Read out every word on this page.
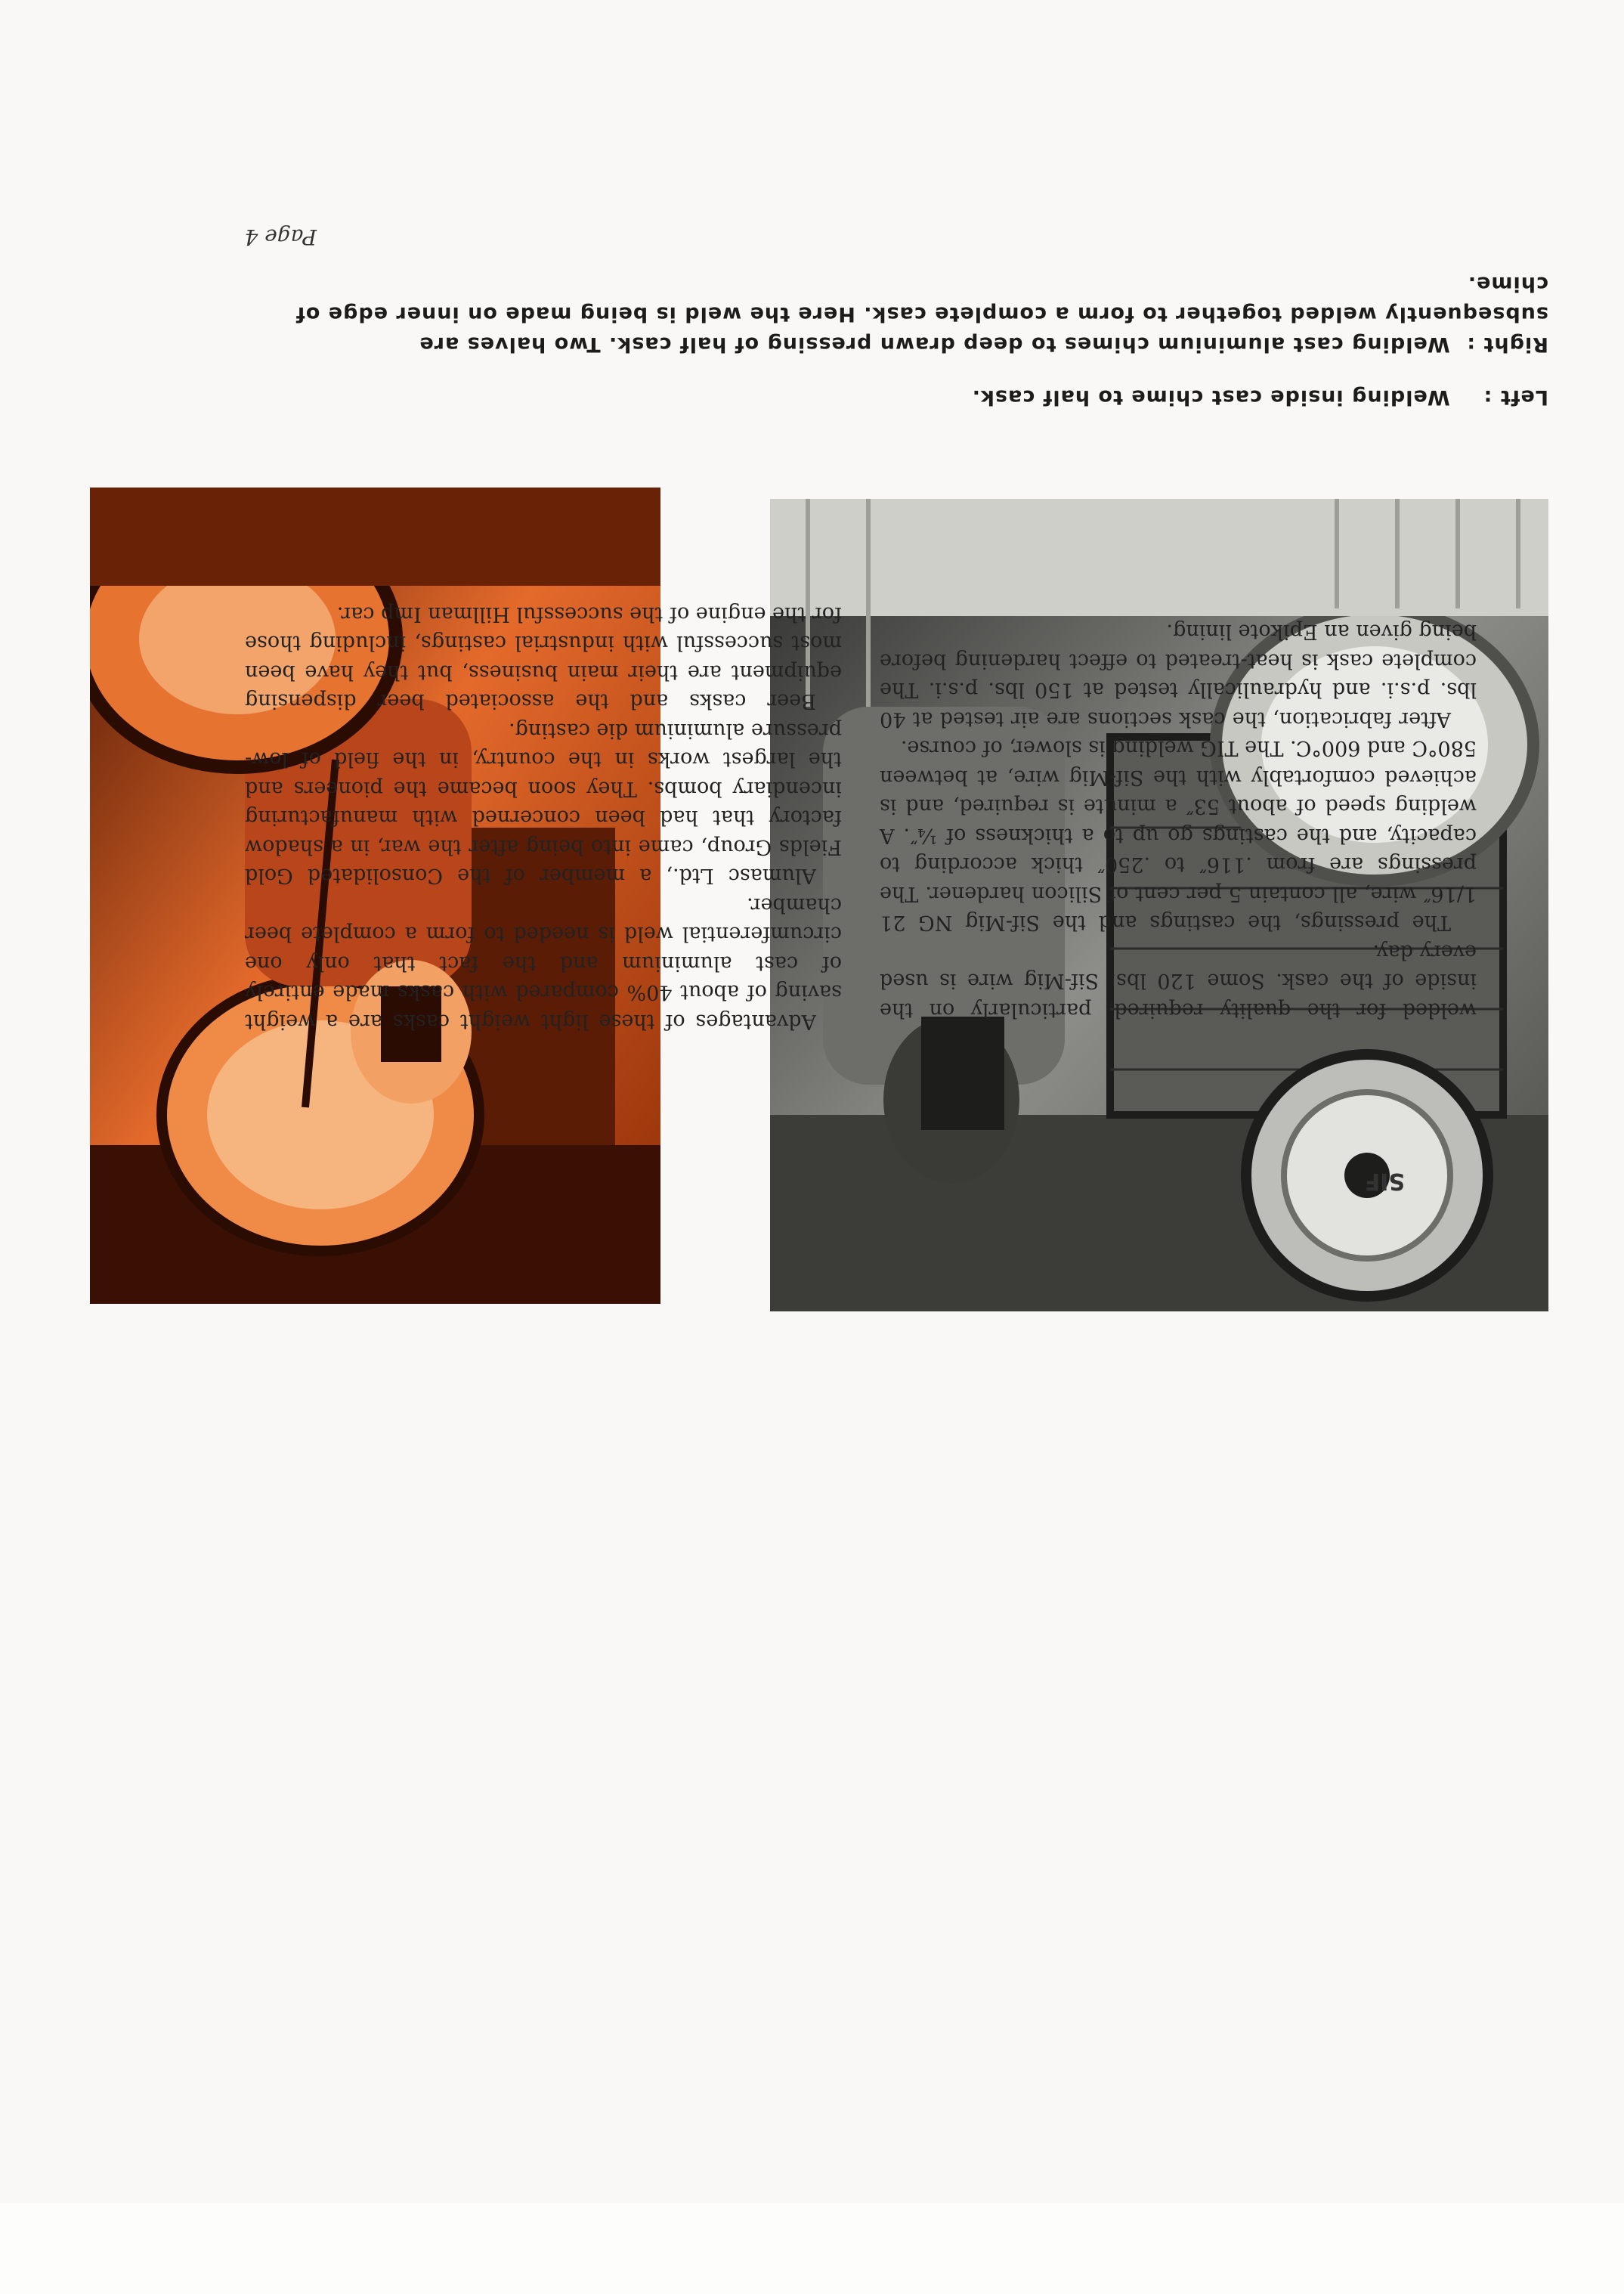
SIF
Left : Welding inside cast chime to half cask.
Right : Welding cast aluminium chimes to deep drawn pressing of half cask. Two halves are subsequently welded together to form a complete cask. Here the weld is being made on inner edge of chime.

welded for the quality required, particularly on the inside of the cask. Some 120 lbs. Sif-Mig wire is used every day.

The pressings, the castings and the Sif-Mig NG 21 1/16″ wire, all contain 5 per cent of Silicon hardener. The pressings are from .116″ to .250″ thick according to capacity, and the castings go up to a thickness of ¼″. A welding speed of about 53″ a minute is required, and is achieved comfortably with the Sif-Mig wire, at between 580°C and 600°C. The TIG welding is slower, of course.

After fabrication, the cask sections are air tested at 40 lbs. p.s.i. and hydraulically tested at 150 lbs. p.s.i. The complete cask is heat-treated to effect hardening before being given an Epikote lining.

Advantages of these light weight casks are a weight saving of about 40% compared with casks made entirely of cast aluminium and the fact that only one circumferential weld is needed to form a complete beer chamber.

Alumasc Ltd., a member of the Consolidated Gold Fields Group, came into being after the war, in a shadow factory that had been concerned with manufacturing incendiary bombs. They soon became the pioneers and the largest works in the country, in the field of low-pressure aluminium die casting.

Beer casks and the associated beer dispensing equipment are their main business, but they have been most successful with industrial castings, including those for the engine of the successful Hillman Imp car.

Page 4
